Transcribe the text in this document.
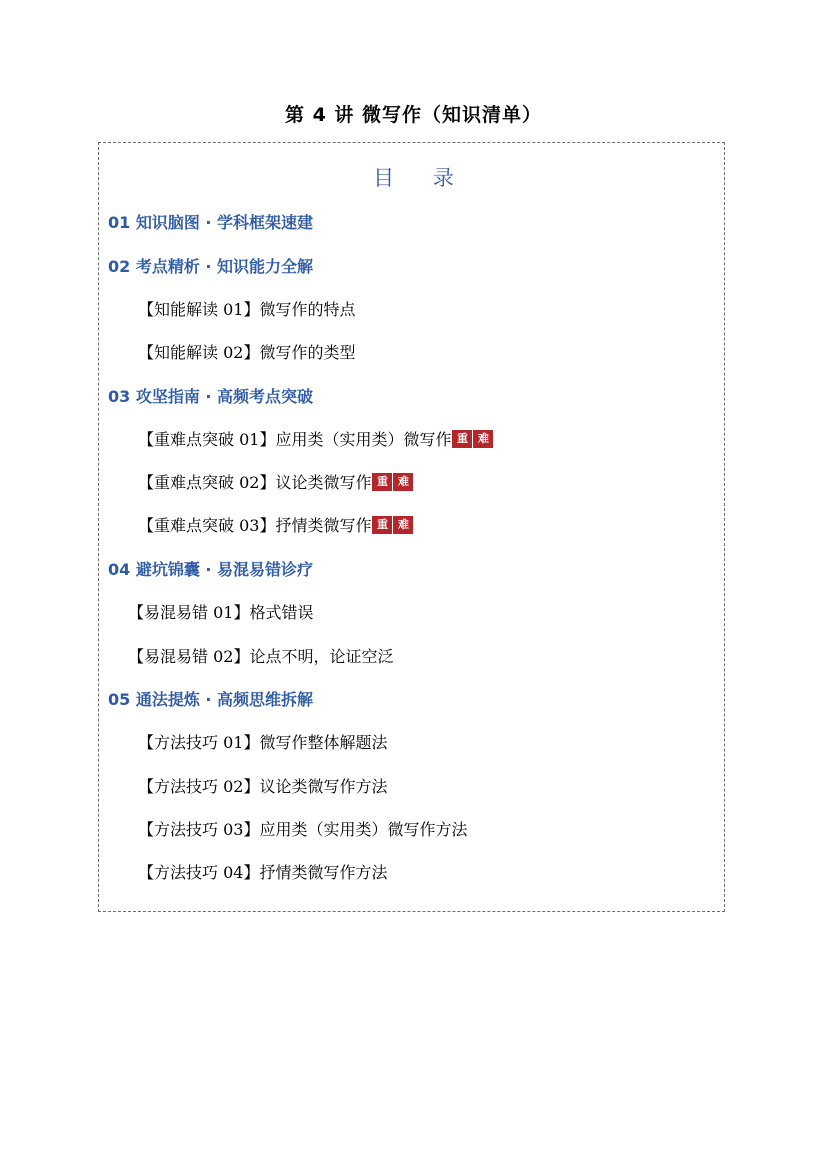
第 4 讲 微写作（知识清单）
目 录
01 知识脑图 · 学科框架速建
02 考点精析 · 知识能力全解
【知能解读 01】微写作的特点
【知能解读 02】微写作的类型
03 攻坚指南 · 高频考点突破
【重难点突破 01】应用类（实用类）微写作 重 难
【重难点突破 02】议论类微写作 重 难
【重难点突破 03】抒情类微写作 重 难
04 避坑锦囊 · 易混易错诊疗
【易混易错 01】格式错误
【易混易错 02】论点不明，论证空泛
05 通法提炼 · 高频思维拆解
【方法技巧 01】微写作整体解题法
【方法技巧 02】议论类微写作方法
【方法技巧 03】应用类（实用类）微写作方法
【方法技巧 04】抒情类微写作方法
